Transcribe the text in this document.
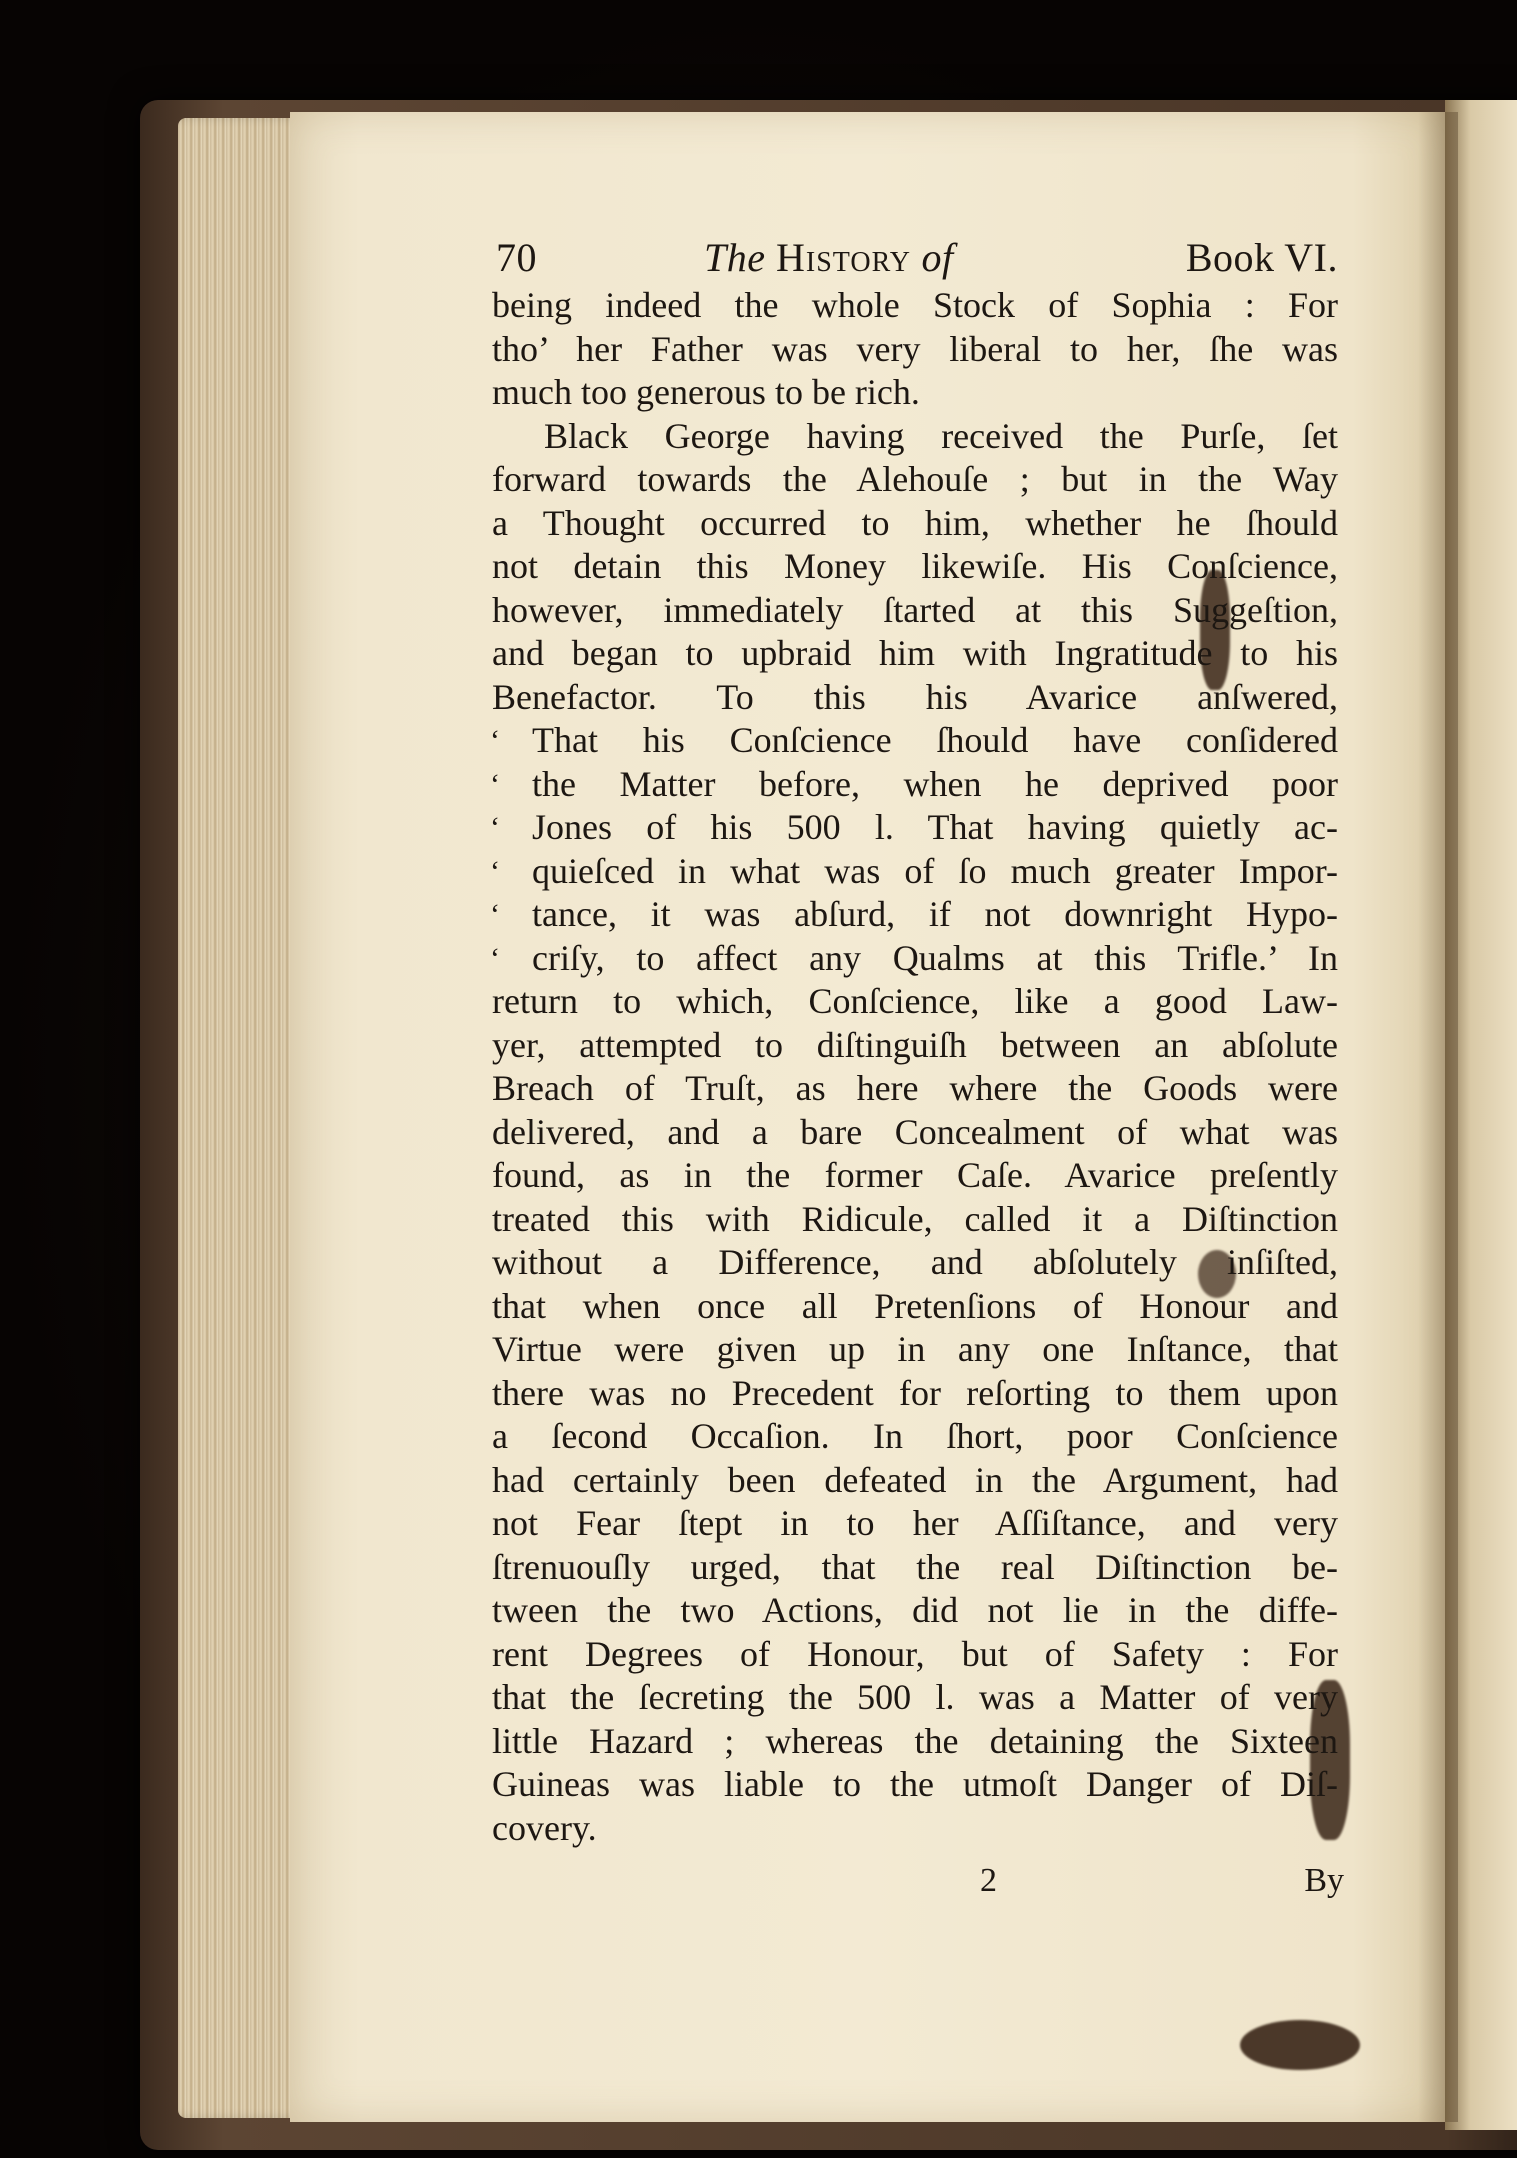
70	The History of	Book VI.
being indeed the whole Stock of Sophia : For
tho’ her Father was very liberal to her, ſhe was
much too generous to be rich.
Black George having received the Purſe, ſet
forward towards the Alehouſe ; but in the Way
a Thought occurred to him, whether he ſhould
not detain this Money likewiſe. His Conſcience,
however, immediately ſtarted at this Suggeſtion,
and began to upbraid him with Ingratitude to his
Benefactor. To this his Avarice anſwered,
‘ That his Conſcience ſhould have conſidered
‘ the Matter before, when he deprived poor
‘ Jones of his 500 l. That having quietly ac-
‘ quieſced in what was of ſo much greater Impor-
‘ tance, it was abſurd, if not downright Hypo-
‘ criſy, to affect any Qualms at this Trifle.’ In
return to which, Conſcience, like a good Law-
yer, attempted to diſtinguiſh between an abſolute
Breach of Truſt, as here where the Goods were
delivered, and a bare Concealment of what was
found, as in the former Caſe. Avarice preſently
treated this with Ridicule, called it a Diſtinction
without a Difference, and abſolutely inſiſted,
that when once all Pretenſions of Honour and
Virtue were given up in any one Inſtance, that
there was no Precedent for reſorting to them upon
a ſecond Occaſion. In ſhort, poor Conſcience
had certainly been defeated in the Argument, had
not Fear ſtept in to her Aſſiſtance, and very
ſtrenuouſly urged, that the real Diſtinction be-
tween the two Actions, did not lie in the diffe-
rent Degrees of Honour, but of Safety : For
that the ſecreting the 500 l. was a Matter of very
little Hazard ; whereas the detaining the Sixteen
Guineas was liable to the utmoſt Danger of Diſ-
covery.
2	By
